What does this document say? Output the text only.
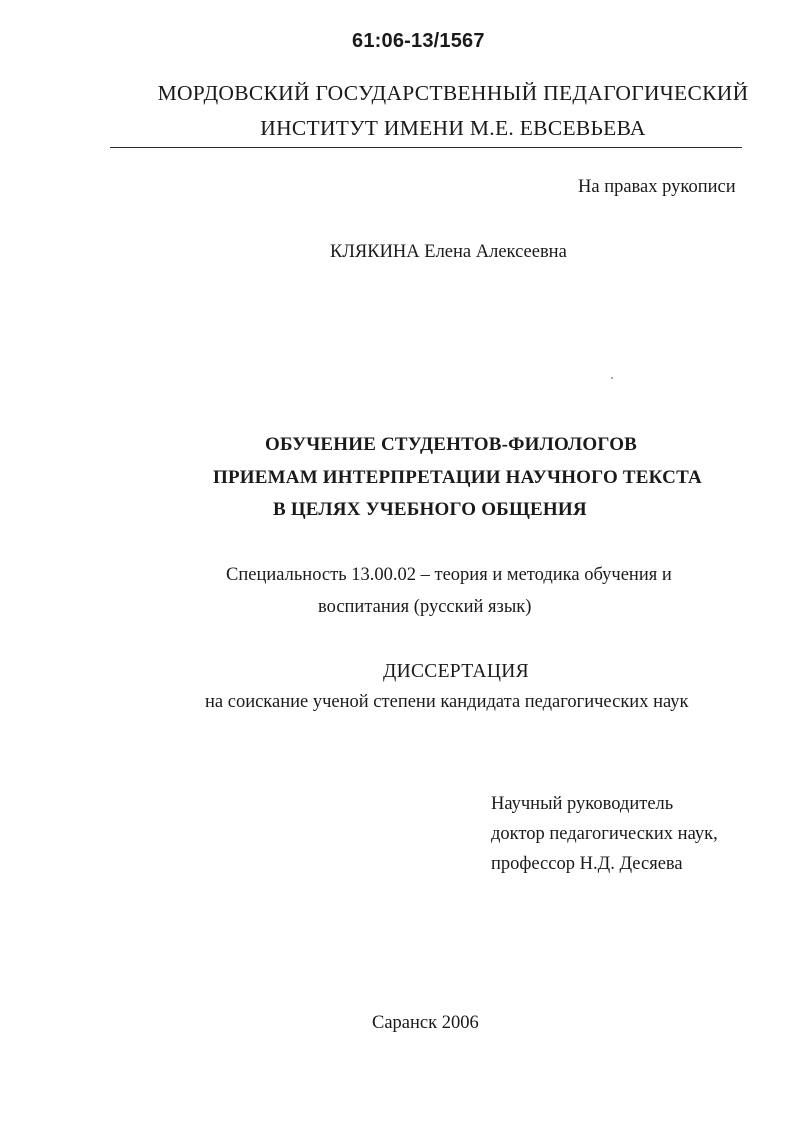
61:06-13/1567
МОРДОВСКИЙ ГОСУДАРСТВЕННЫЙ ПЕДАГОГИЧЕСКИЙ
ИНСТИТУТ ИМЕНИ М.Е. ЕВСЕВЬЕВА
На правах рукописи
КЛЯКИНА Елена Алексеевна
ОБУЧЕНИЕ СТУДЕНТОВ-ФИЛОЛОГОВ
ПРИЕМАМ ИНТЕРПРЕТАЦИИ НАУЧНОГО ТЕКСТА
В ЦЕЛЯХ УЧЕБНОГО ОБЩЕНИЯ
Специальность 13.00.02 – теория и методика обучения и
воспитания (русский язык)
ДИССЕРТАЦИЯ
на соискание ученой степени кандидата педагогических наук
Научный руководитель
доктор педагогических наук,
профессор Н.Д. Десяева
Саранск 2006
